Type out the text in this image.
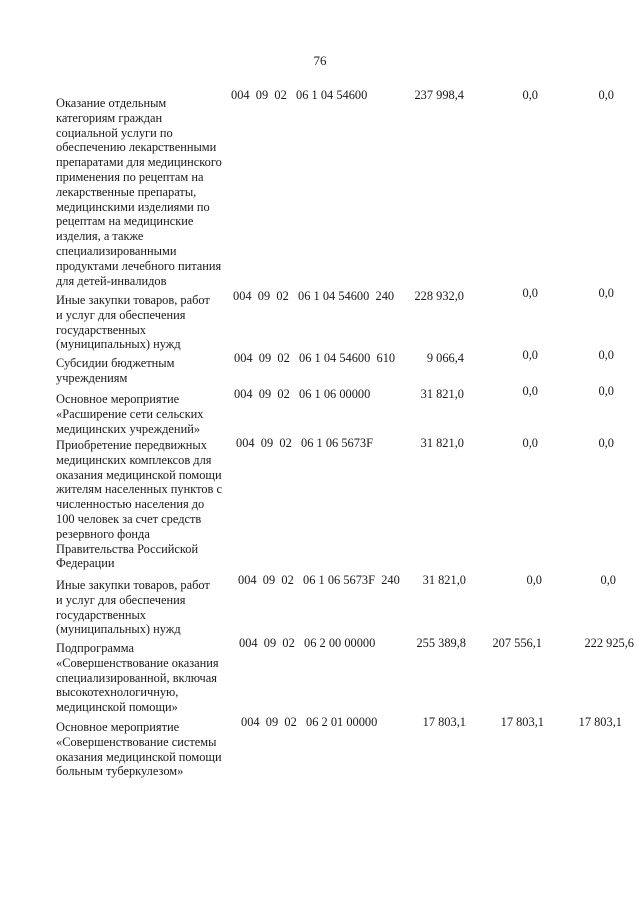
76
Оказание отдельным
категориям граждан
социальной услуги по
обеспечению лекарственными
препаратами для медицинского
применения по рецептам на
лекарственные препараты,
медицинскими изделиями по
рецептам на медицинские
изделия, а также
специализированными
продуктами лечебного питания
для детей-инвалидов
004  09  02   06 1 04 54600	237 998,4	0,0	0,0
Иные закупки товаров, работ
и услуг для обеспечения
государственных
(муниципальных) нужд
004  09  02   06 1 04 54600  240	228 932,0	0,0	0,0
Субсидии бюджетным
учреждениям
004  09  02   06 1 04 54600  610	9 066,4	0,0	0,0
Основное мероприятие
«Расширение сети сельских
медицинских учреждений»
004  09  02   06 1 06 00000	31 821,0	0,0	0,0
Приобретение передвижных
медицинских комплексов для
оказания медицинской помощи
жителям населенных пунктов с
численностью населения до
100 человек за счет средств
резервного фонда
Правительства Российской
Федерации
004  09  02   06 1 06 5673F	31 821,0	0,0	0,0
Иные закупки товаров, работ
и услуг для обеспечения
государственных
(муниципальных) нужд
004  09  02   06 1 06 5673F  240	31 821,0	0,0	0,0
Подпрограмма
«Совершенствование оказания
специализированной, включая
высокотехнологичную,
медицинской помощи»
004  09  02   06 2 00 00000	255 389,8	207 556,1	222 925,6
Основное мероприятие
«Совершенствование системы
оказания медицинской помощи
больным туберкулезом»
004  09  02   06 2 01 00000	17 803,1	17 803,1	17 803,1
